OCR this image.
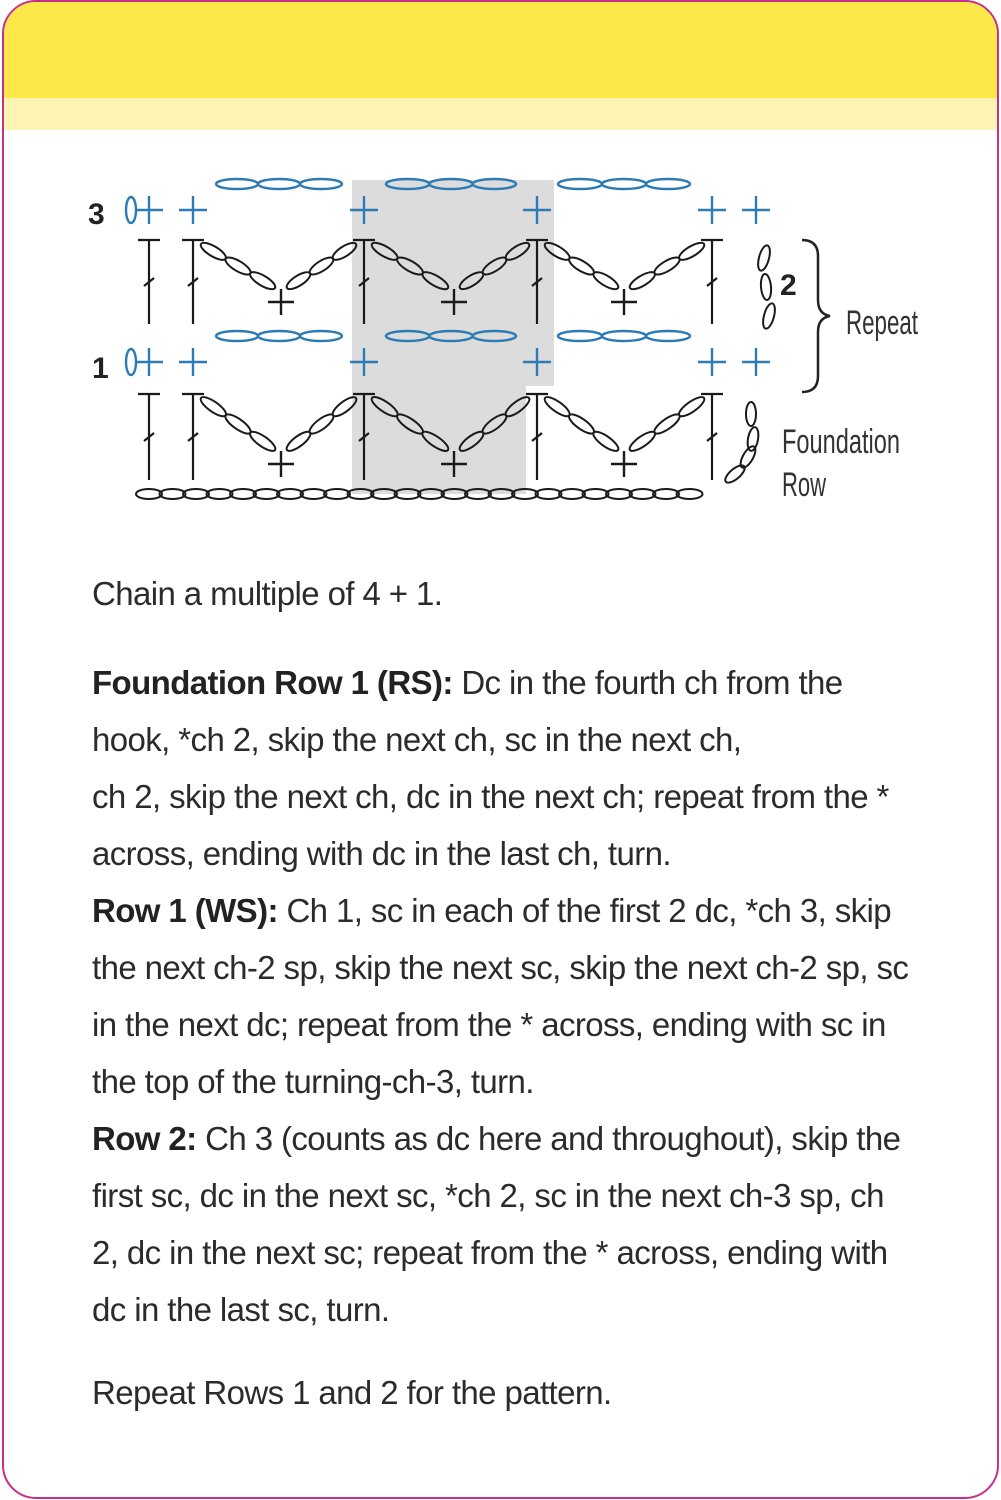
3
2
1
Repeat
Foundation
Row

Chain a multiple of 4 + 1.

Foundation Row 1 (RS): Dc in the fourth ch from the
hook, *ch 2, skip the next ch, sc in the next ch,
ch 2, skip the next ch, dc in the next ch; repeat from the *
across, ending with dc in the last ch, turn.

Row 1 (WS): Ch 1, sc in each of the first 2 dc, *ch 3, skip
the next ch-2 sp, skip the next sc, skip the next ch-2 sp, sc
in the next dc; repeat from the * across, ending with sc in
the top of the turning-ch-3, turn.

Row 2: Ch 3 (counts as dc here and throughout), skip the
first sc, dc in the next sc, *ch 2, sc in the next ch-3 sp, ch
2, dc in the next sc; repeat from the * across, ending with
dc in the last sc, turn.

Repeat Rows 1 and 2 for the pattern.
